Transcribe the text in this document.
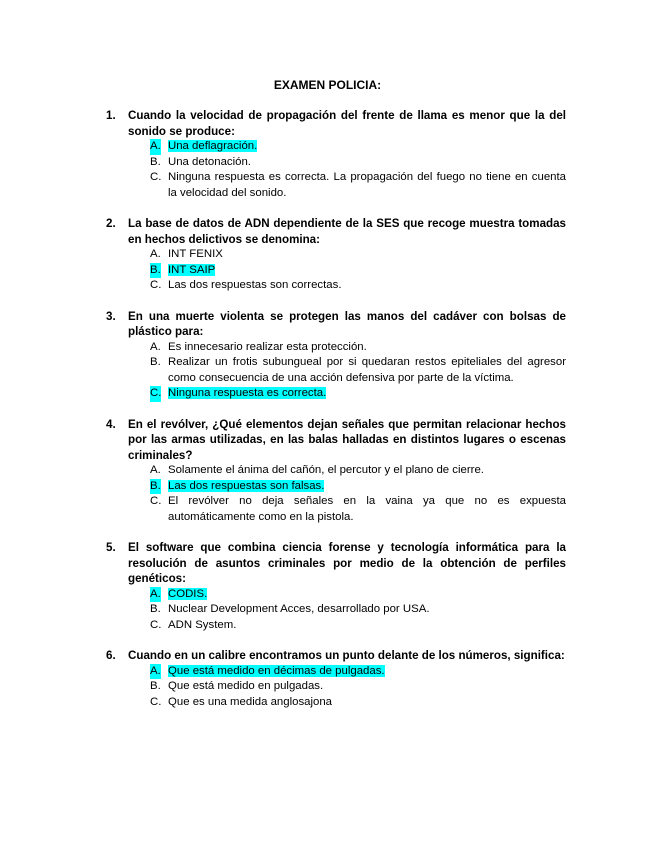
EXAMEN POLICIA:
1. Cuando la velocidad de propagación del frente de llama es menor que la del sonido se produce:
A. Una deflagración.
B. Una detonación.
C. Ninguna respuesta es correcta. La propagación del fuego no tiene en cuenta la velocidad del sonido.
2. La base de datos de ADN dependiente de la SES que recoge muestra tomadas en hechos delictivos se denomina:
A. INT FENIX
B. INT SAIP
C. Las dos respuestas son correctas.
3. En una muerte violenta se protegen las manos del cadáver con bolsas de plástico para:
A. Es innecesario realizar esta protección.
B. Realizar un frotis subungueal por si quedaran restos epiteliales del agresor como consecuencia de una acción defensiva por parte de la víctima.
C. Ninguna respuesta es correcta.
4. En el revólver, ¿Qué elementos dejan señales que permitan relacionar hechos por las armas utilizadas, en las balas halladas en distintos lugares o escenas criminales?
A. Solamente el ánima del cañón, el percutor y el plano de cierre.
B. Las dos respuestas son falsas.
C. El revólver no deja señales en la vaina ya que no es expuesta automáticamente como en la pistola.
5. El software que combina ciencia forense y tecnología informática para la resolución de asuntos criminales por medio de la obtención de perfiles genéticos:
A. CODIS.
B. Nuclear Development Acces, desarrollado por USA.
C. ADN System.
6. Cuando en un calibre encontramos un punto delante de los números, significa:
A. Que está medido en décimas de pulgadas.
B. Que está medido en pulgadas.
C. Que es una medida anglosajona
